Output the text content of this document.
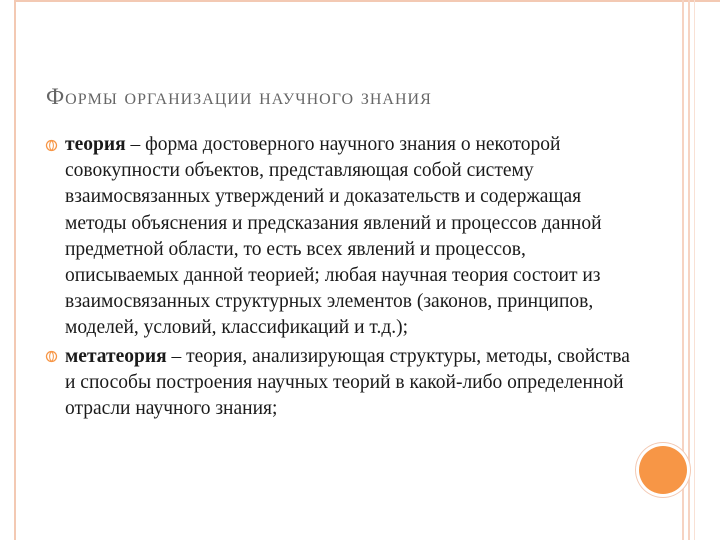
Формы организации научного знания
теория – форма достоверного научного знания о некоторой совокупности объектов, представляющая собой систему взаимосвязанных утверждений и доказательств и содержащая методы объяснения и предсказания явлений и процессов данной предметной области, то есть всех явлений и процессов, описываемых данной теорией; любая научная теория состоит из взаимосвязанных структурных элементов (законов, принципов, моделей, условий, классификаций и т.д.);
метатеория – теория, анализирующая структуры, методы, свойства и способы построения научных теорий в какой-либо определенной отрасли научного знания;
